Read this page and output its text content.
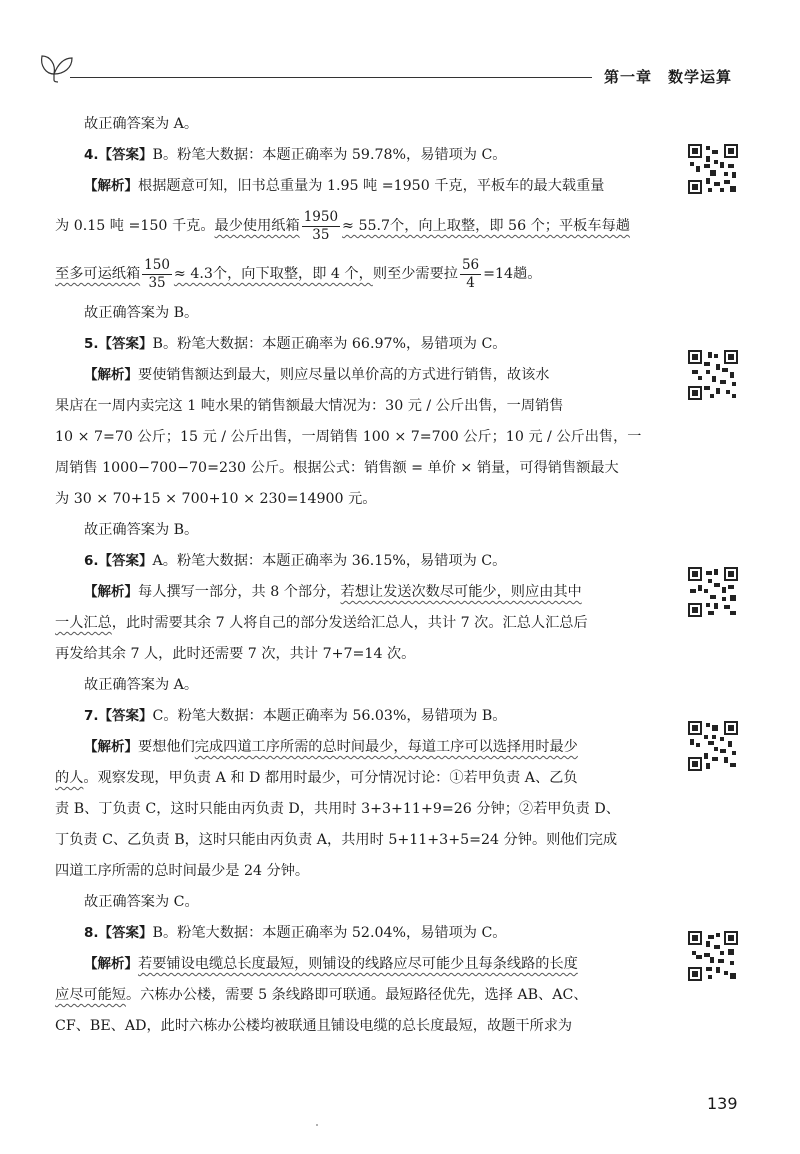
第一章 数学运算
故正确答案为 A。
4.【答案】B。粉笔大数据：本题正确率为 59.78%，易错项为 C。
【解析】根据题意可知，旧书总重量为 1.95 吨 =1950 千克，平板车的最大载重量
为 0.15 吨 =150 千克。最少使用纸箱 $\frac{1950}{35} \approx 55.7$个，向上取整，即 56 个；平板车每趟
至多可运纸箱 $\frac{150}{35} \approx 4.3$个，向下取整，即 4 个，则至少需要拉 $\frac{56}{4} =14$趟。
故正确答案为 B。
5.【答案】B。粉笔大数据：本题正确率为 66.97%，易错项为 C。
【解析】要使销售额达到最大，则应尽量以单价高的方式进行销售，故该水
果店在一周内卖完这 1 吨水果的销售额最大情况为：30 元 / 公斤出售，一周销售
10 × 7=70 公斤；15 元 / 公斤出售，一周销售 100 × 7=700 公斤；10 元 / 公斤出售，一
周销售 1000−700−70=230 公斤。根据公式：销售额 = 单价 × 销量，可得销售额最大
为 30 × 70+15 × 700+10 × 230=14900 元。
故正确答案为 B。
6.【答案】A。粉笔大数据：本题正确率为 36.15%，易错项为 C。
【解析】每人撰写一部分，共 8 个部分，若想让发送次数尽可能少，则应由其中
一人汇总，此时需要其余 7 人将自己的部分发送给汇总人，共计 7 次。汇总人汇总后
再发给其余 7 人，此时还需要 7 次，共计 7+7=14 次。
故正确答案为 A。
7.【答案】C。粉笔大数据：本题正确率为 56.03%，易错项为 B。
【解析】要想他们完成四道工序所需的总时间最少，每道工序可以选择用时最少
的人。观察发现，甲负责 A 和 D 都用时最少，可分情况讨论：①若甲负责 A、乙负
责 B、丁负责 C，这时只能由丙负责 D，共用时 3+3+11+9=26 分钟；②若甲负责 D、
丁负责 C、乙负责 B，这时只能由丙负责 A，共用时 5+11+3+5=24 分钟。则他们完成
四道工序所需的总时间最少是 24 分钟。
故正确答案为 C。
8.【答案】B。粉笔大数据：本题正确率为 52.04%，易错项为 C。
【解析】若要铺设电缆总长度最短，则铺设的线路应尽可能少且每条线路的长度
应尽可能短。六栋办公楼，需要 5 条线路即可联通。最短路径优先，选择 AB、AC、
CF、BE、AD，此时六栋办公楼均被联通且铺设电缆的总长度最短，故题干所求为
139
